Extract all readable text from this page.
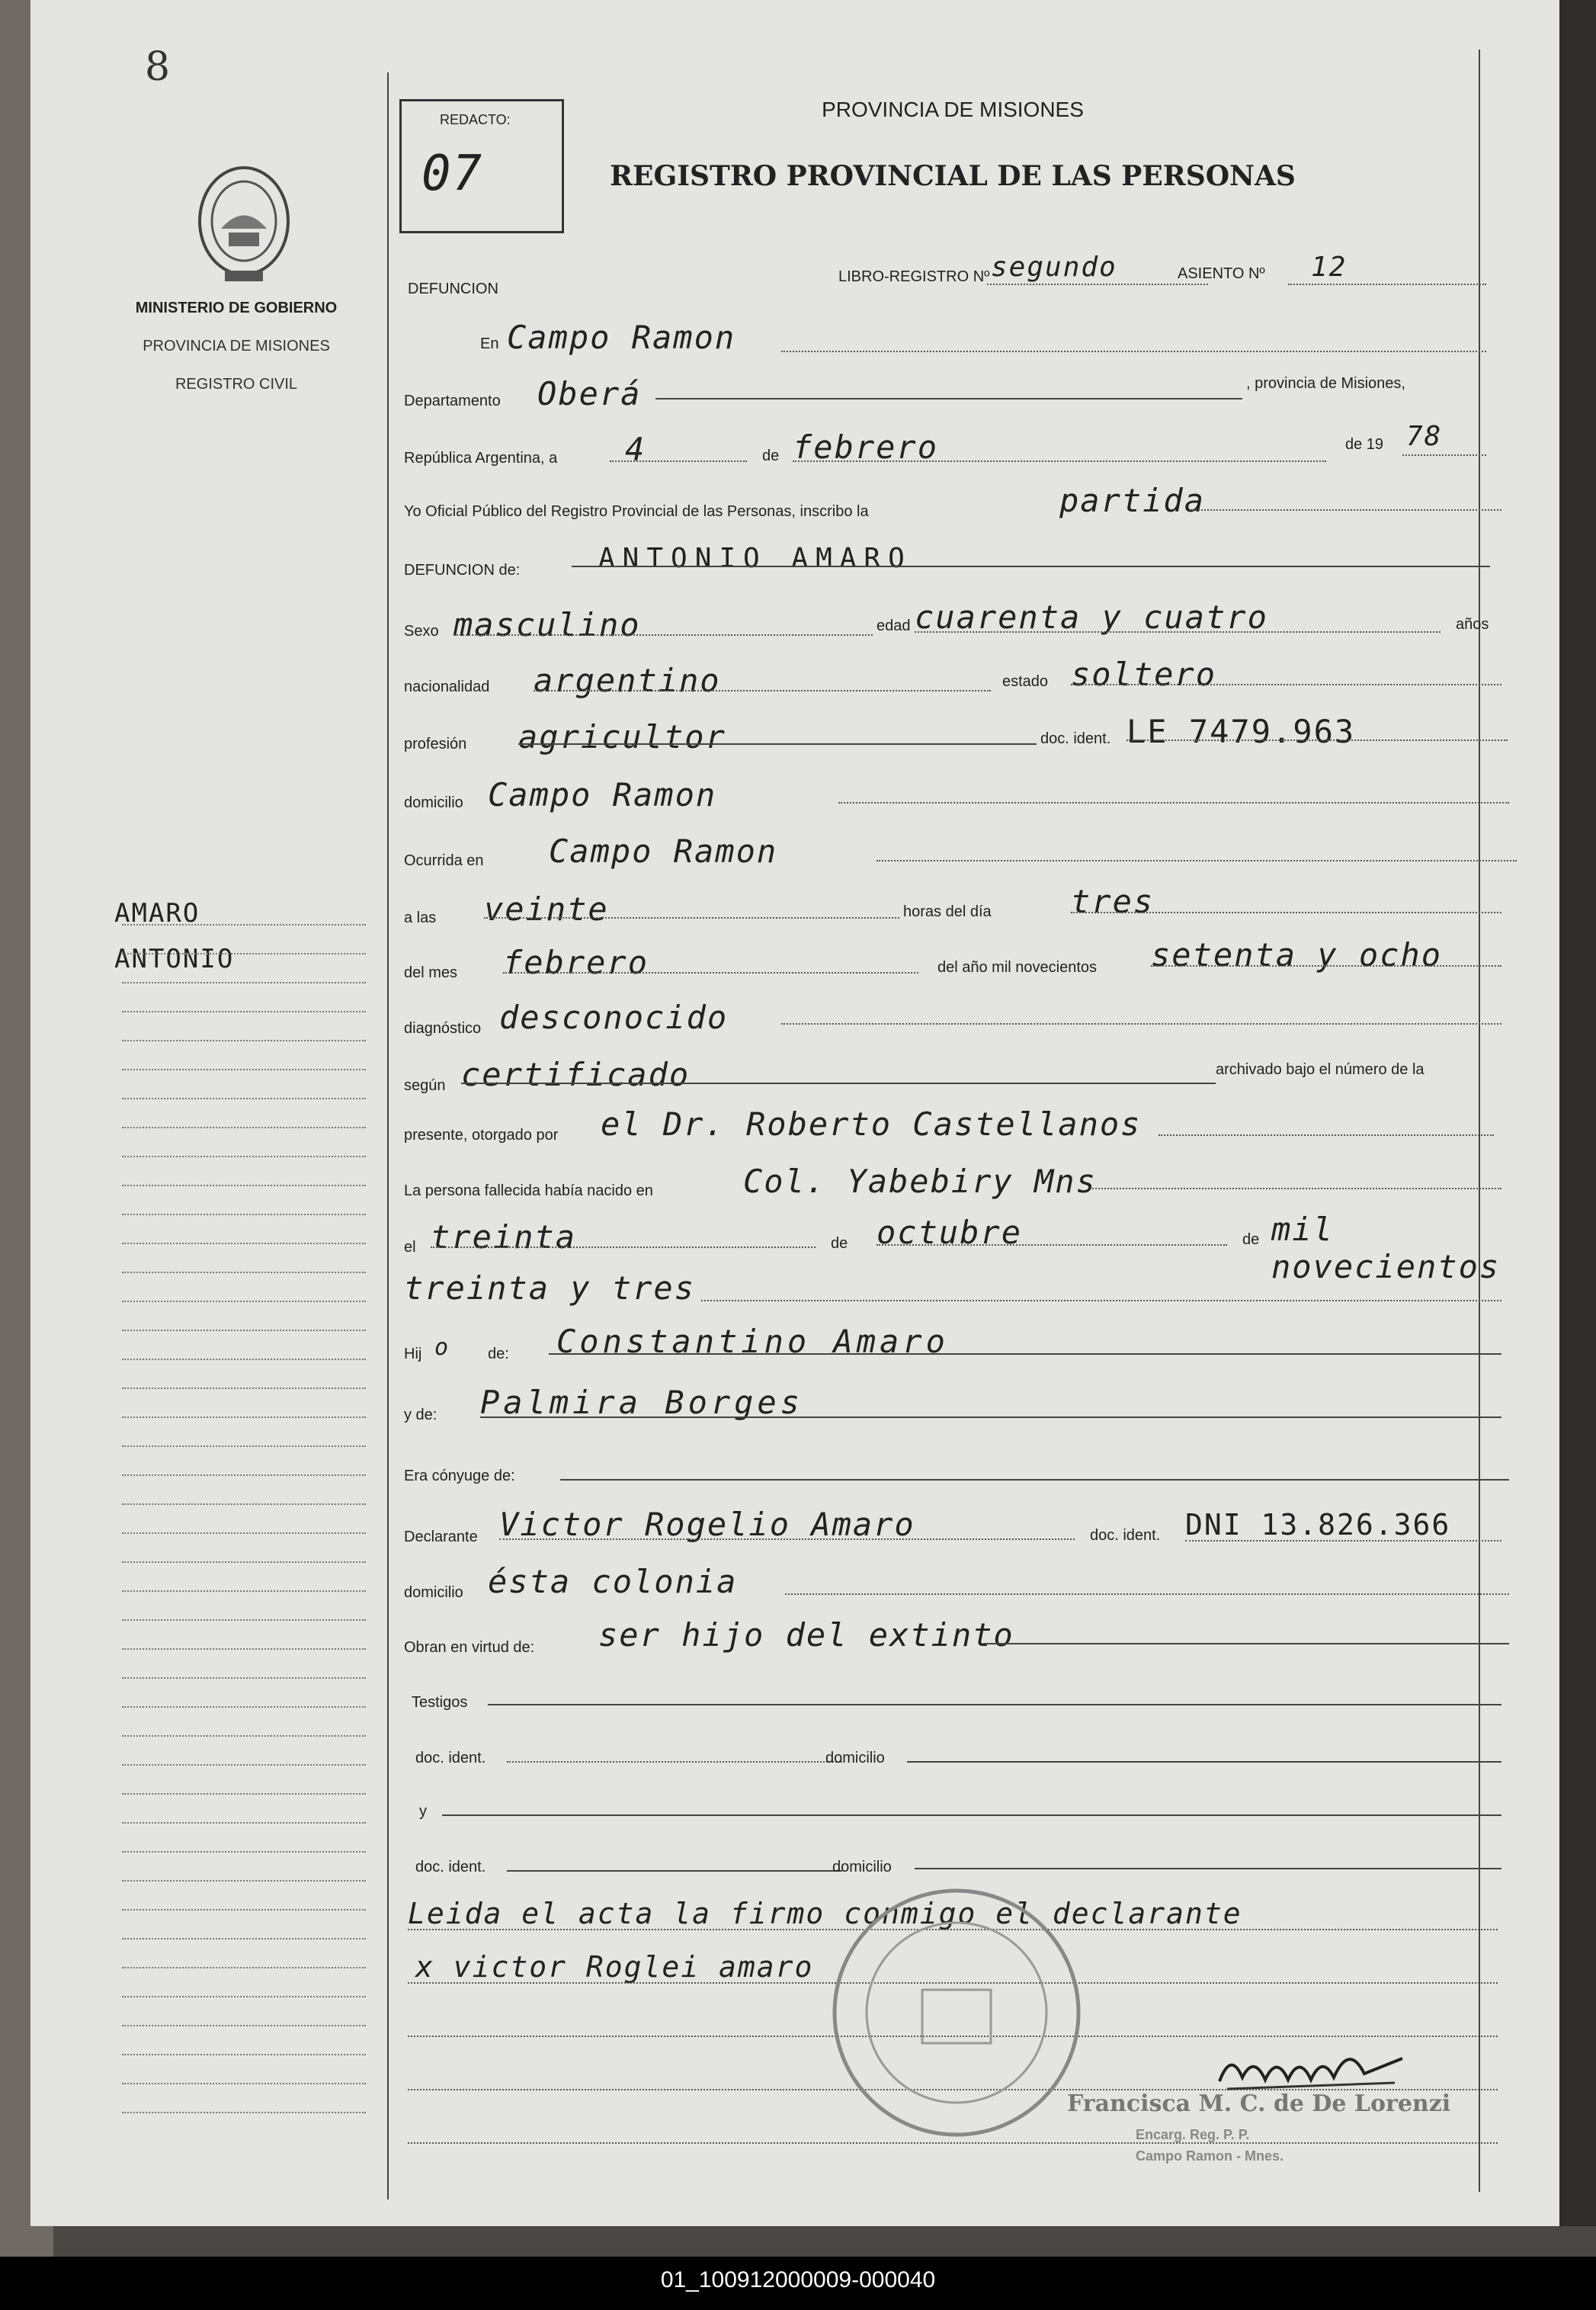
8
MINISTERIO DE GOBIERNO
PROVINCIA DE MISIONES
REGISTRO CIVIL
AMARO
ANTONIO
REDACTO:
07
PROVINCIA DE MISIONES
REGISTRO PROVINCIAL DE LAS PERSONAS
DEFUNCION
LIBRO-REGISTRO Nº segundo	ASIENTO Nº 12
En Campo Ramon
Departamento Oberá	, provincia de Misiones,
República Argentina, a 4	de febrero	de 19 78
Yo Oficial Público del Registro Provincial de las Personas, inscribo la	partida
DEFUNCION de:	ANTONIO AMARO
Sexo masculino	edad cuarenta y cuatro	años
nacionalidad argentino	estado soltero
profesión agricultor	doc. ident. LE 7479.963
domicilio Campo Ramon
Ocurrida en Campo Ramon
a las veinte	horas del día tres
del mes febrero	del año mil novecientos setenta y ocho
diagnóstico desconocido
según certificado	archivado bajo el número de la
presente, otorgado por el Dr. Roberto Castellanos
La persona fallecida había nacido en	Col. Yabebiry Mns
el treinta	de octubre	de mil novecientos
treinta y tres
Hij o de: Constantino Amaro
y de: Palmira Borges
Era cónyuge de:
Declarante Victor Rogelio Amaro	doc. ident. DNI 13.826.366
domicilio ésta colonia
Obran en virtud de: ser hijo del extinto
Testigos
doc. ident.	domicilio
y
doc. ident.	domicilio
Leida el acta la firmo conmigo el declarante
x victor Roglei amaro
Francisca M. C. de De Lorenzi
Encarg. Reg. P. P.
Campo Ramon - Mnes.
01_100912000009-000040
